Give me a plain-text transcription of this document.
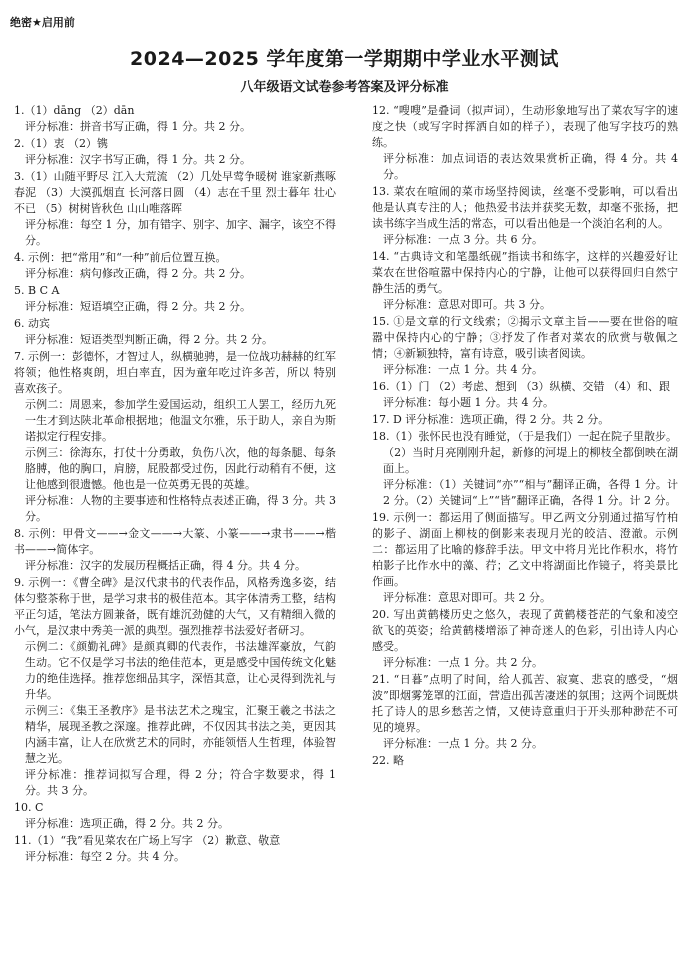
绝密★启用前
2024—2025 学年度第一学期期中学业水平测试
八年级语文试卷参考答案及评分标准
1.（1）dāng （2）dān
评分标准：拼音书写正确，得 1 分。共 2 分。
2.（1）衷 （2）镌
评分标准：汉字书写正确，得 1 分。共 2 分。
3.（1）山随平野尽 江入大荒流 （2）几处早莺争暖树 谁家新燕啄春泥 （3）大漠孤烟直 长河落日圆 （4）志在千里 烈士暮年 壮心不已 （5）树树皆秋色 山山唯落晖
评分标准：每空 1 分，加有错字、别字、加字、漏字，该空不得分。
4. 示例：把“常用”和“一种”前后位置互换。
评分标准：病句修改正确，得 2 分。共 2 分。
5. B C A
评分标准：短语填空正确，得 2 分。共 2 分。
6. 动宾
评分标准：短语类型判断正确，得 2 分。共 2 分。
7. 示例一：彭德怀，才智过人，纵横驰骋，是一位战功赫赫的红军将领；他性格爽朗，坦白率直，因为童年吃过许多苦，所以 特别喜欢孩子。
示例二：周恩来，参加学生爱国运动，组织工人罢工，经历九死一生才到达陕北革命根据地；他温文尔雅，乐于助人，亲自为斯诺拟定行程安排。
示例三：徐海东，打仗十分勇敢，负伤八次，他的每条腿、每条胳膊，他的胸口，肩膀，屁股都受过伤，因此行动稍有不便，这让他感到很遗憾。他也是一位英勇无畏的英雄。
评分标准：人物的主要事迹和性格特点表述正确，得 3 分。共 3 分。
8. 示例：甲骨文——→金文——→大篆、小篆——→隶书——→楷书——→简体字。
评分标准：汉字的发展历程概括正确，得 4 分。共 4 分。
9. 示例一：《曹全碑》是汉代隶书的代表作品，风格秀逸多姿，结体匀整茶称于世，是学习隶书的极佳范本。其字体清秀工整，结构平正匀适，笔法方圆兼备，既有雄沉劲健的大气，又有精细入微的小气，是汉隶中秀美一派的典型。强烈推荐书法爱好者研习。
示例二：《颜勤礼碑》是颜真卿的代表作，书法雄浑豪放，气韵生动。它不仅是学习书法的绝佳范本，更是感受中国传统文化魅力的绝佳选择。推荐您细品其字，深悟其意，让心灵得到洗礼与升华。
示例三：《集王圣教序》是书法艺术之瑰宝，汇聚王羲之书法之精华，展现圣教之深邃。推荐此碑，不仅因其书法之美，更因其内涵丰富，让人在欣赏艺术的同时，亦能领悟人生哲理，体验智慧之光。
评分标准：推荐词拟写合理，得 2 分；符合字数要求，得 1 分。共 3 分。
10. C
评分标准：选项正确，得 2 分。共 2 分。
11.（1）“我”看见菜农在广场上写字 （2）歉意、敬意
评分标准：每空 2 分。共 4 分。
12. “嗖嗖”是叠词（拟声词），生动形象地写出了菜农写字的速度之快（或写字时挥洒自如的样子），表现了他写字技巧的熟练。
评分标准：加点词语的表达效果赏析正确，得 4 分。共 4 分。
13. 菜农在喧闹的菜市场坚持阅读，丝毫不受影响，可以看出他是认真专注的人；他热爱书法并获奖无数，却毫不张扬，把读书练字当成生活的常态，可以看出他是一个淡泊名利的人。
评分标准：一点 3 分。共 6 分。
14. “古典诗文和笔墨纸砚”指读书和练字，这样的兴趣爱好让菜农在世俗喧嚣中保持内心的宁静，让他可以获得回归自然宁静生活的勇气。
评分标准：意思对即可。共 3 分。
15. ①是文章的行文线索；②揭示文章主旨——要在世俗的喧嚣中保持内心的宁静；③抒发了作者对菜农的欣赏与敬佩之情；④新颖独特，富有诗意，吸引读者阅读。
评分标准：一点 1 分。共 4 分。
16.（1）门 （2）考虑、想到 （3）纵横、交错 （4）和、跟
评分标准：每小题 1 分。共 4 分。
17. D 评分标准：选项正确，得 2 分。共 2 分。
18.（1）张怀民也没有睡觉，（于是我们）一起在院子里散步。
（2）当时月亮刚刚升起，新修的河堤上的柳枝全都倒映在湖面上。
评分标准：（1）关键词“亦”“相与”翻译正确，各得 1 分。计 2 分。（2）关键词“上”“皆”翻译正确，各得 1 分。计 2 分。
19. 示例一：都运用了侧面描写。甲乙两文分别通过描写竹柏的影子、湖面上柳枝的倒影来表现月光的皎洁、澄澈。示例二：都运用了比喻的修辞手法。甲文中将月光比作积水，将竹柏影子比作水中的藻、荇；乙文中将湖面比作镜子，将美景比作画。
评分标准：意思对即可。共 2 分。
20. 写出黄鹤楼历史之悠久，表现了黄鹤楼苍茫的气象和凌空欲飞的英姿；给黄鹤楼增添了神奇迷人的色彩，引出诗人内心感受。
评分标准：一点 1 分。共 2 分。
21. “日暮”点明了时间，给人孤苦、寂寞、悲哀的感受，“烟波”即烟雾笼罩的江面，营造出孤苦凄迷的氛围；这两个词既烘托了诗人的思乡愁苦之情，又使诗意重归于开头那种渺茫不可见的境界。
评分标准：一点 1 分。共 2 分。
22. 略
